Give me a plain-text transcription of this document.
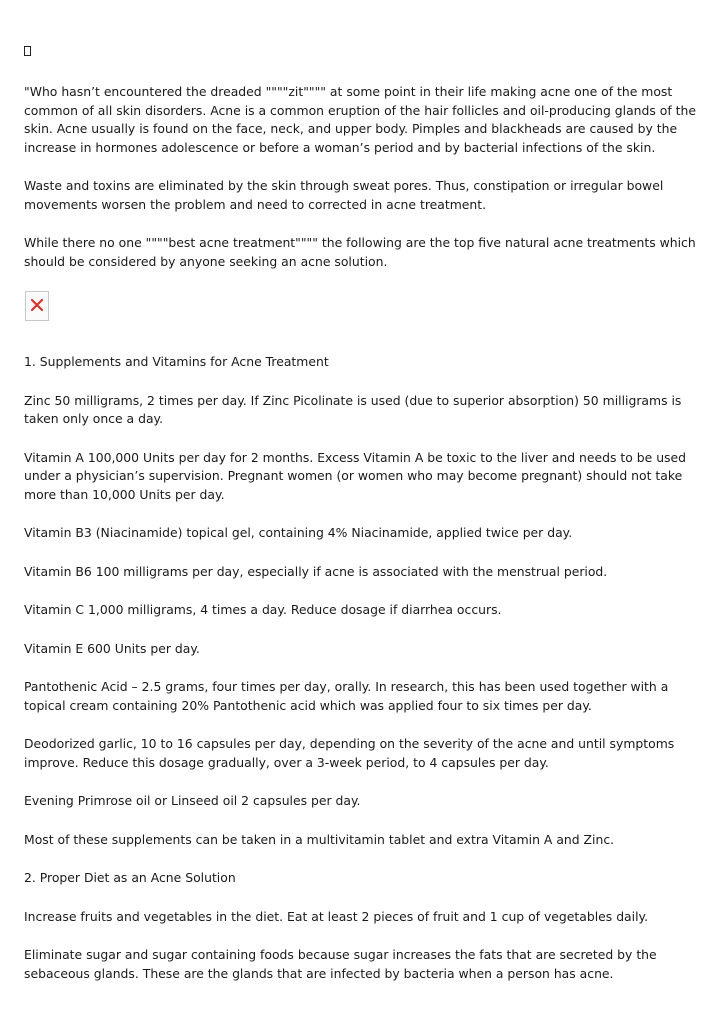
"Who hasn’t encountered the dreaded """"zit"""" at some point in their life making acne one of the most common of all skin disorders. Acne is a common eruption of the hair follicles and oil-producing glands of the skin. Acne usually is found on the face, neck, and upper body. Pimples and blackheads are caused by the increase in hormones adolescence or before a woman’s period and by bacterial infections of the skin.

Waste and toxins are eliminated by the skin through sweat pores. Thus, constipation or irregular bowel movements worsen the problem and need to corrected in acne treatment.

While there no one """"best acne treatment"""" the following are the top five natural acne treatments which should be considered by anyone seeking an acne solution.

1. Supplements and Vitamins for Acne Treatment

Zinc 50 milligrams, 2 times per day. If Zinc Picolinate is used (due to superior absorption) 50 milligrams is taken only once a day.

Vitamin A 100,000 Units per day for 2 months. Excess Vitamin A be toxic to the liver and needs to be used under a physician’s supervision. Pregnant women (or women who may become pregnant) should not take more than 10,000 Units per day.

Vitamin B3 (Niacinamide) topical gel, containing 4% Niacinamide, applied twice per day.

Vitamin B6 100 milligrams per day, especially if acne is associated with the menstrual period.

Vitamin C 1,000 milligrams, 4 times a day. Reduce dosage if diarrhea occurs.

Vitamin E 600 Units per day.

Pantothenic Acid – 2.5 grams, four times per day, orally. In research, this has been used together with a topical cream containing 20% Pantothenic acid which was applied four to six times per day.

Deodorized garlic, 10 to 16 capsules per day, depending on the severity of the acne and until symptoms improve. Reduce this dosage gradually, over a 3-week period, to 4 capsules per day.

Evening Primrose oil or Linseed oil 2 capsules per day.

Most of these supplements can be taken in a multivitamin tablet and extra Vitamin A and Zinc.

2. Proper Diet as an Acne Solution

Increase fruits and vegetables in the diet. Eat at least 2 pieces of fruit and 1 cup of vegetables daily.

Eliminate sugar and sugar containing foods because sugar increases the fats that are secreted by the sebaceous glands. These are the glands that are infected by bacteria when a person has acne.
